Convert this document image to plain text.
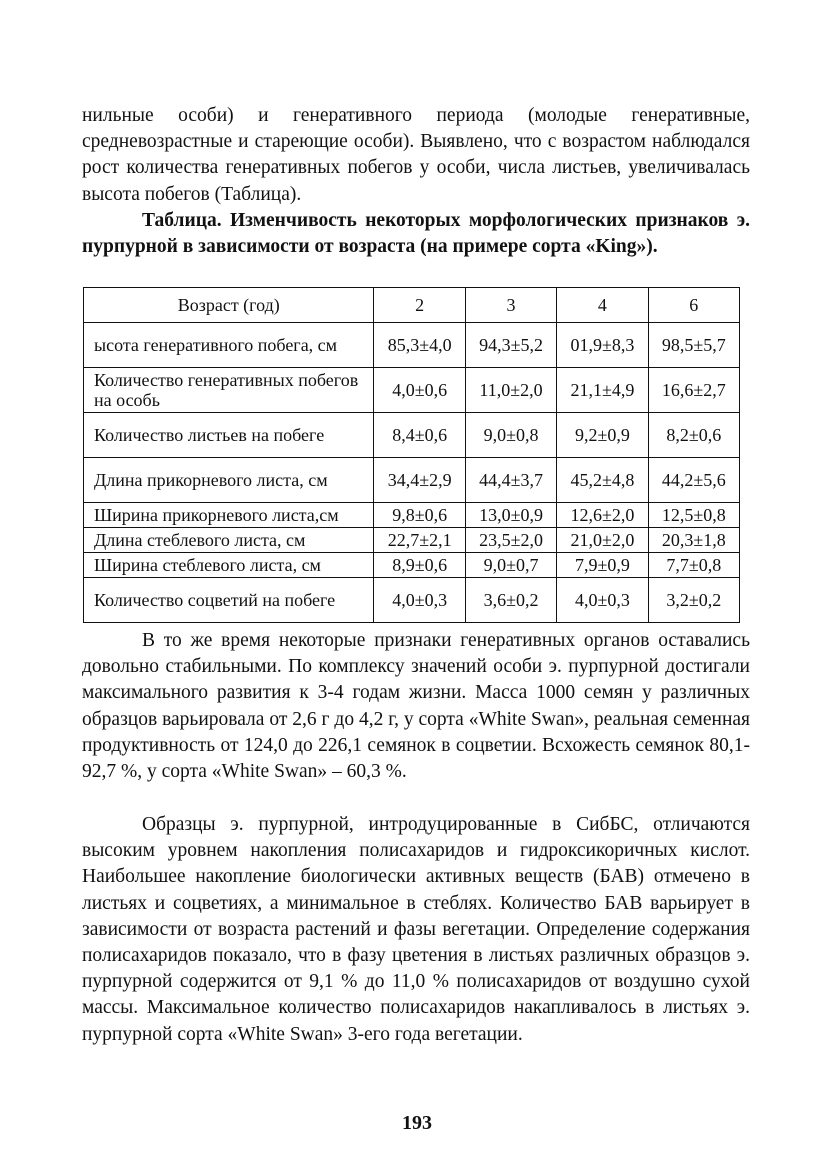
нильные особи) и генеративного периода (молодые генеративные, средневозрастные и стареющие особи). Выявлено, что с возрастом наблюдался рост количества генеративных побегов у особи, числа листьев, увеличивалась высота побегов (Таблица).

Таблица. Изменчивость некоторых морфологических признаков э. пурпурной в зависимости от возраста (на примере сорта «King»).

Возраст (год)	2	3	4	6
ысота генеративного побега, см	85,3±4,0	94,3±5,2	01,9±8,3	98,5±5,7
Количество генеративных побегов на особь	4,0±0,6	11,0±2,0	21,1±4,9	16,6±2,7
Количество листьев на побеге	8,4±0,6	9,0±0,8	9,2±0,9	8,2±0,6
Длина прикорневого листа, см	34,4±2,9	44,4±3,7	45,2±4,8	44,2±5,6
Ширина прикорневого листа,см	9,8±0,6	13,0±0,9	12,6±2,0	12,5±0,8
Длина стеблевого листа, см	22,7±2,1	23,5±2,0	21,0±2,0	20,3±1,8
Ширина стеблевого листа, см	8,9±0,6	9,0±0,7	7,9±0,9	7,7±0,8
Количество соцветий на побеге	4,0±0,3	3,6±0,2	4,0±0,3	3,2±0,2

В то же время некоторые признаки генеративных органов оставались довольно стабильными. По комплексу значений особи э. пурпурной достигали максимального развития к 3-4 годам жизни. Масса 1000 семян у различных образцов варьировала от 2,6 г до 4,2 г, у сорта «White Swan», реальная семенная продуктивность от 124,0 до 226,1 семянок в соцветии. Всхожесть семянок 80,1-92,7 %, у сорта «White Swan» – 60,3 %.

Образцы э. пурпурной, интродуцированные в СибБС, отличаются высоким уровнем накопления полисахаридов и гидроксикоричных кислот. Наибольшее накопление биологически активных веществ (БАВ) отмечено в листьях и соцветиях, а минимальное в стеблях. Количество БАВ варьирует в зависимости от возраста растений и фазы вегетации. Определение содержания полисахаридов показало, что в фазу цветения в листьях различных образцов э. пурпурной содержится от 9,1 % до 11,0 % полисахаридов от воздушно сухой массы. Максимальное количество полисахаридов накапливалось в листьях э. пурпурной сорта «White Swan» 3-его года вегетации.

193
